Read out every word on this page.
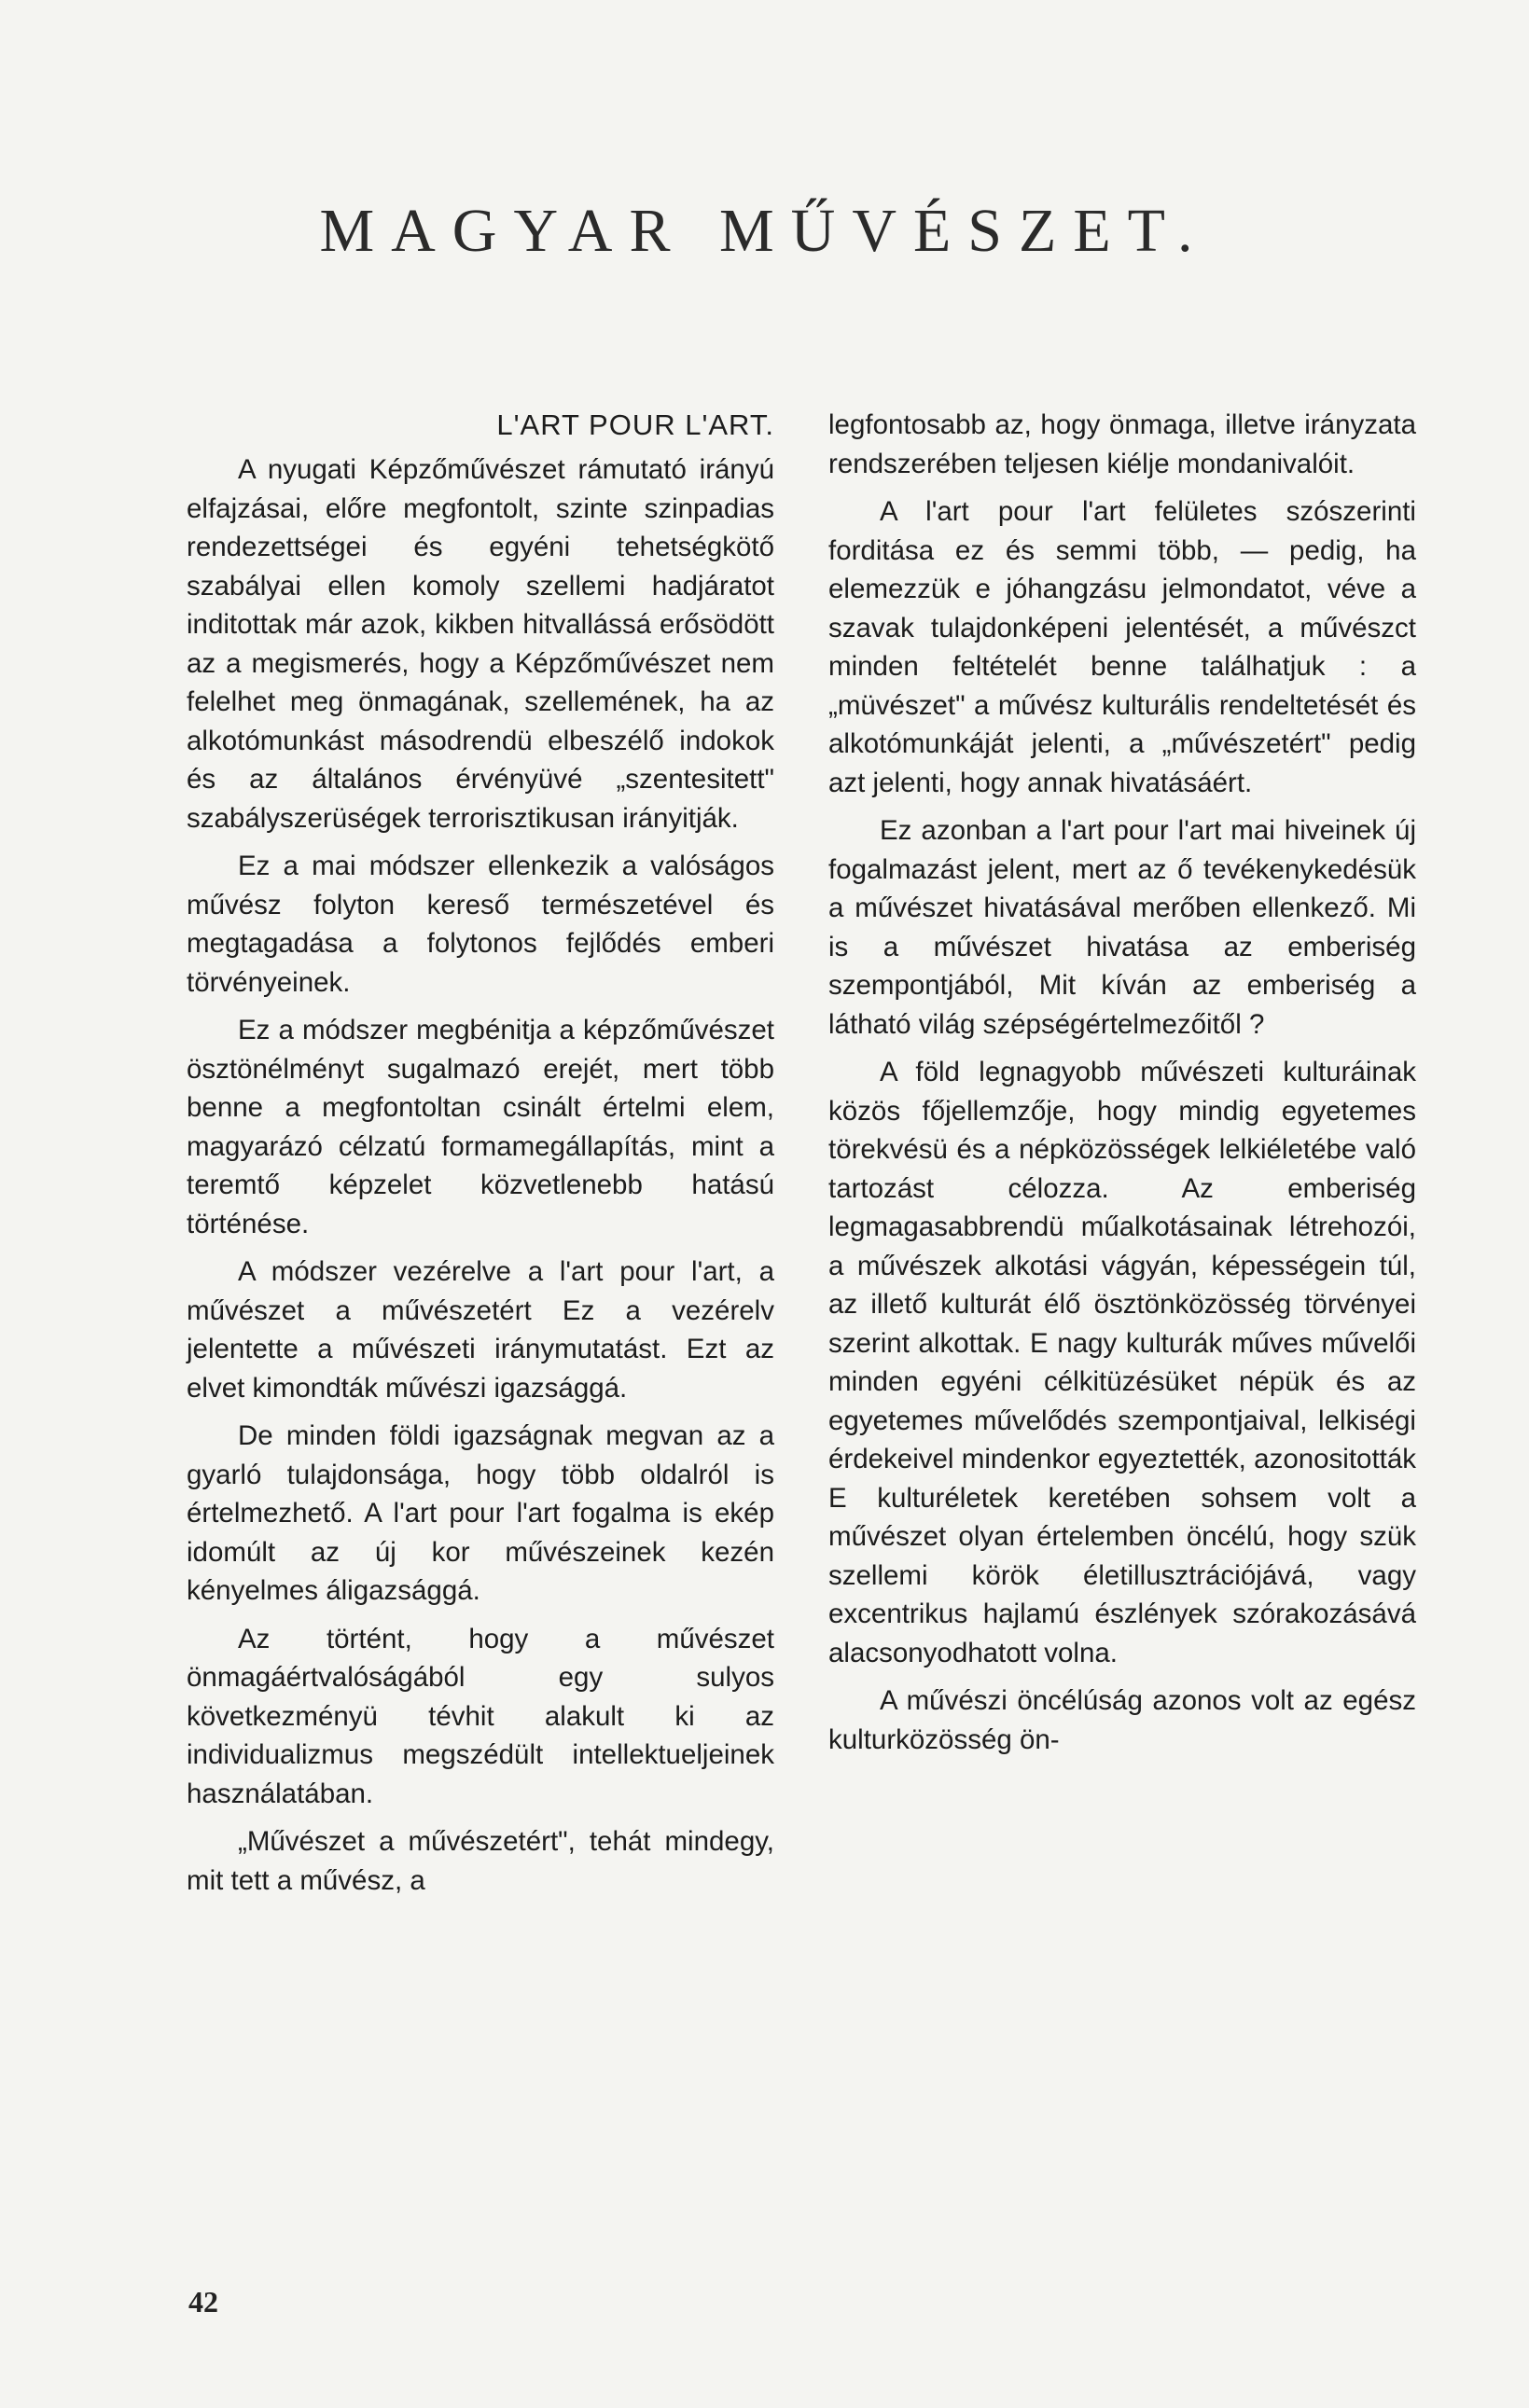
MAGYAR MŰVÉSZET.
L'ART POUR L'ART.

A nyugati Képzőművészet rámutató irányú elfajzásai, előre megfontolt, szinte szinpadias rendezettségei és egyéni tehetségkötő szabályai ellen komoly szellemi hadjáratot inditottak már azok, kikben hitvallássá erősödött az a megismerés, hogy a Képzőművészet nem felelhet meg önmagának, szellemének, ha az alkotómunkást másodrendü elbeszélő indokok és az általános érvényüvé „szentesitett" szabályszerüségek terrorisztikusan irányitják.

Ez a mai módszer ellenkezik a valóságos művész folyton kereső természetével és megtagadása a folytonos fejlődés emberi törvényeinek.

Ez a módszer megbénitja a képzőművészet ösztönélményt sugalmazó erejét, mert több benne a megfontoltan csinált értelmi elem, magyarázó célzatú formamegállapítás, mint a teremtő képzelet közvetlenebb hatású történése.

A módszer vezérelve a l'art pour l'art, a művészet a művészetért Ez a vezérelv jelentette a művészeti iránymutatást. Ezt az elvet kimondták művészi igazsággá.

De minden földi igazságnak megvan az a gyarló tulajdonsága, hogy több oldalról is értelmezhető. A l'art pour l'art fogalma is ekép idomúlt az új kor művészeinek kezén kényelmes áligazsággá.

Az történt, hogy a művészet önmagáértvalóságából egy sulyos következményü tévhit alakult ki az individualizmus megszédült intellektueljeinek használatában.

„Művészet a művészetért", tehát mindegy, mit tett a művész, a

legfontosabb az, hogy önmaga, illetve irányzata rendszerében teljesen kiélje mondanivalóit.

A l'art pour l'art felületes szószerinti forditása ez és semmi több, — pedig, ha elemezzük e jóhangzásu jelmondatot, véve a szavak tulajdonképeni jelentését, a művészct minden feltételét benne találhatjuk : a „müvészet" a művész kulturális rendeltetését és alkotómunkáját jelenti, a „művészetért" pedig azt jelenti, hogy annak hivatásáért.

Ez azonban a l'art pour l'art mai hiveinek új fogalmazást jelent, mert az ő tevékenykedésük a művészet hivatásával merőben ellenkező. Mi is a művészet hivatása az emberiség szempontjából, Mit kíván az emberiség a látható világ szépségértelmezőitől ?

A föld legnagyobb művészeti kulturáinak közös főjellemzője, hogy mindig egyetemes törekvésü és a népközösségek lelkiéletébe való tartozást célozza. Az emberiség legmagasabbrendü műalkotásainak létrehozói, a művészek alkotási vágyán, képességein túl, az illető kulturát élő ösztönközösség törvényei szerint alkottak. E nagy kulturák műves művelői minden egyéni célkitüzésüket népük és az egyetemes művelődés szempontjaival, lelkiségi érdekeivel mindenkor egyeztették, azonositották E kulturéletek keretében sohsem volt a művészet olyan értelemben öncélú, hogy szük szellemi körök életillusztrációjává, vagy excentrikus hajlamú észlények szórakozásává alacsonyodhatott volna.

A művészi öncélúság azonos volt az egész kulturközösség ön-

42
